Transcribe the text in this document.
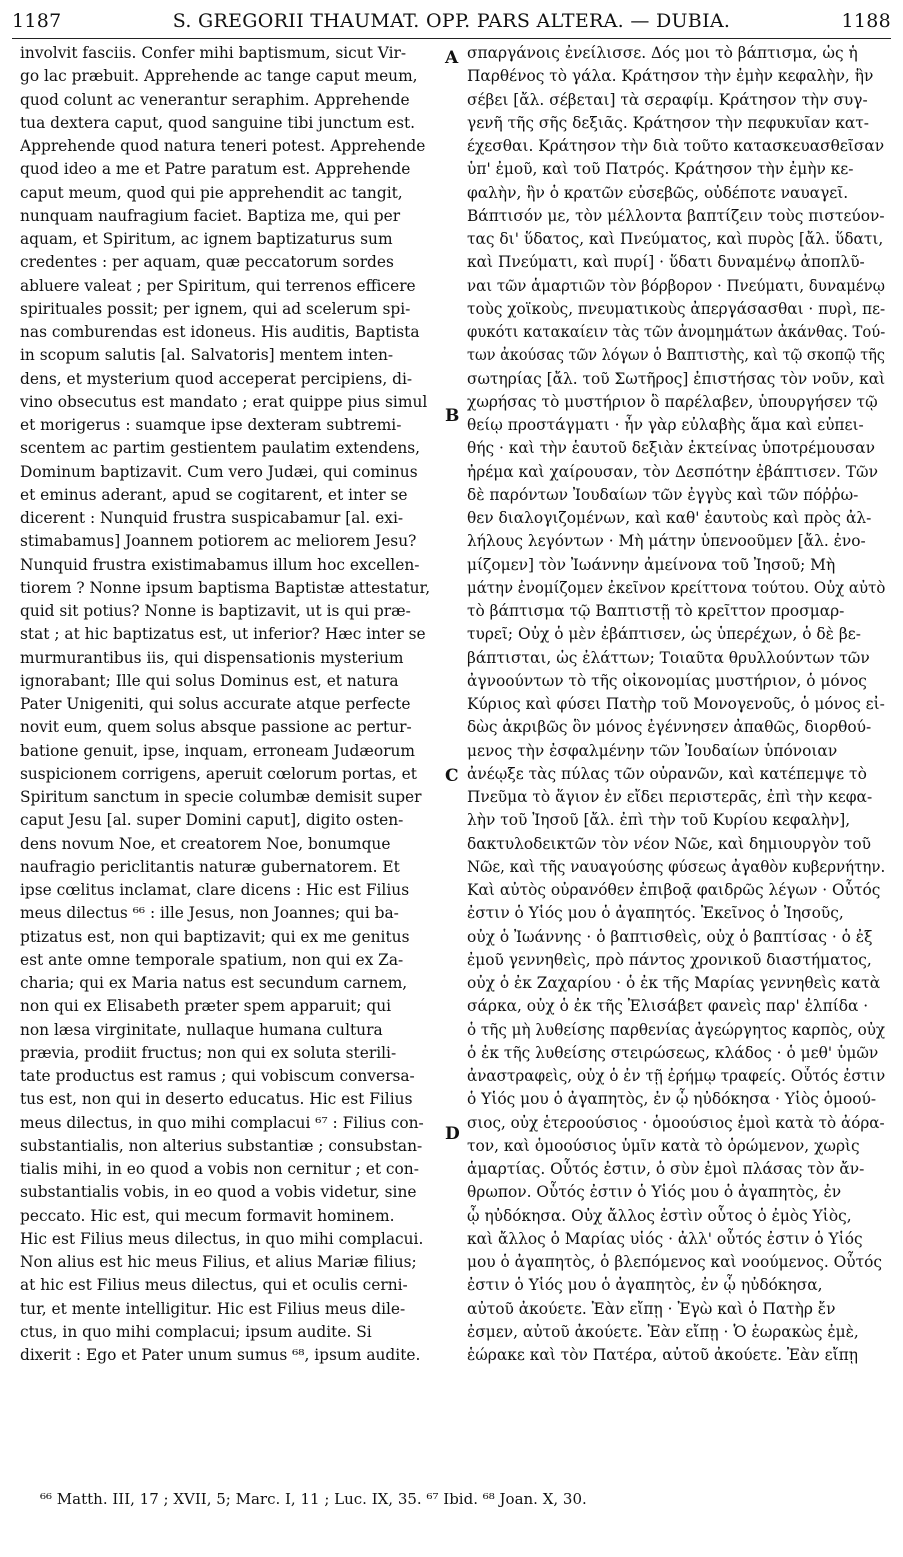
1187	S. GREGORII THAUMAT. OPP. PARS ALTERA. — DUBIA.	1188
involvit fasciis. Confer mihi baptismum, sicut Vir-
go lac præbuit. Apprehende ac tange caput meum,
quod colunt ac venerantur seraphim. Apprehende
tua dextera caput, quod sanguine tibi junctum est.
Apprehende quod natura teneri potest. Apprehende
quod ideo a me et Patre paratum est. Apprehende
caput meum, quod qui pie apprehendit ac tangit,
nunquam naufragium faciet. Baptiza me, qui per
aquam, et Spiritum, ac ignem baptizaturus sum
credentes : per aquam, quæ peccatorum sordes
abluere valeat ; per Spiritum, qui terrenos efficere
spirituales possit; per ignem, qui ad scelerum spi-
nas comburendas est idoneus. His auditis, Baptista
in scopum salutis [al. Salvatoris] mentem inten-
dens, et mysterium quod acceperat percipiens, di-
vino obsecutus est mandato ; erat quippe pius simul
et morigerus : suamque ipse dexteram subtremi-
scentem ac partim gestientem paulatim extendens,
Dominum baptizavit. Cum vero Judæi, qui cominus
et eminus aderant, apud se cogitarent, et inter se
dicerent : Nunquid frustra suspicabamur [al. exi-
stimabamus] Joannem potiorem ac meliorem Jesu?
Nunquid frustra existimabamus illum hoc excellen-
tiorem ? Nonne ipsum baptisma Baptistæ attestatur,
quid sit potius? Nonne is baptizavit, ut is qui præ-
stat ; at hic baptizatus est, ut inferior? Hæc inter se
murmurantibus iis, qui dispensationis mysterium
ignorabant; Ille qui solus Dominus est, et natura
Pater Unigeniti, qui solus accurate atque perfecte
novit eum, quem solus absque passione ac pertur-
batione genuit, ipse, inquam, erroneam Judæorum
suspicionem corrigens, aperuit cœlorum portas, et
Spiritum sanctum in specie columbæ demisit super
caput Jesu [al. super Domini caput], digito osten-
dens novum Noe, et creatorem Noe, bonumque
naufragio periclitantis naturæ gubernatorem. Et
ipse cœlitus inclamat, clare dicens : Hic est Filius
meus dilectus ⁶⁶ : ille Jesus, non Joannes; qui ba-
ptizatus est, non qui baptizavit; qui ex me genitus
est ante omne temporale spatium, non qui ex Za-
charia; qui ex Maria natus est secundum carnem,
non qui ex Elisabeth præter spem apparuit; qui
non læsa virginitate, nullaque humana cultura
prævia, prodiit fructus; non qui ex soluta sterili-
tate productus est ramus ; qui vobiscum conversa-
tus est, non qui in deserto educatus. Hic est Filius
meus dilectus, in quo mihi complacui ⁶⁷ : Filius con-
substantialis, non alterius substantiæ ; consubstan-
tialis mihi, in eo quod a vobis non cernitur ; et con-
substantialis vobis, in eo quod a vobis videtur, sine
peccato. Hic est, qui mecum formavit hominem.
Hic est Filius meus dilectus, in quo mihi complacui.
Non alius est hic meus Filius, et alius Mariæ filius;
at hic est Filius meus dilectus, qui et oculis cerni-
tur, et mente intelligitur. Hic est Filius meus dile-
ctus, in quo mihi complacui; ipsum audite. Si
dixerit : Ego et Pater unum sumus ⁶⁸, ipsum audite.
A
B
C
D
σπαργάνοις ἐνείλισσε. Δός μοι τὸ βάπτισμα, ὡς ἡ
Παρθένος τὸ γάλα. Κράτησον τὴν ἐμὴν κεφαλὴν, ἣν
σέβει [ἄλ. σέβεται] τὰ σεραφίμ. Κράτησον τὴν συγ-
γενῆ τῆς σῆς δεξιᾶς. Κράτησον τὴν πεφυκυῖαν κατ-
έχεσθαι. Κράτησον τὴν διὰ τοῦτο κατασκευασθεῖσαν
ὑπ' ἐμοῦ, καὶ τοῦ Πατρός. Κράτησον τὴν ἐμὴν κε-
φαλὴν, ἣν ὁ κρατῶν εὐσεβῶς, οὐδέποτε ναυαγεῖ.
Βάπτισόν με, τὸν μέλλοντα βαπτίζειν τοὺς πιστεύον-
τας δι' ὕδατος, καὶ Πνεύματος, καὶ πυρὸς [ἄλ. ὕδατι,
καὶ Πνεύματι, καὶ πυρί] · ὕδατι δυναμένῳ ἀποπλῦ-
ναι τῶν ἁμαρτιῶν τὸν βόρβορον · Πνεύματι, δυναμένῳ
τοὺς χοϊκοὺς, πνευματικοὺς ἀπεργάσασθαι · πυρὶ, πε-
φυκότι κατακαίειν τὰς τῶν ἀνομημάτων ἀκάνθας. Τού-
των ἀκούσας τῶν λόγων ὁ Βαπτιστὴς, καὶ τῷ σκοπῷ τῆς
σωτηρίας [ἄλ. τοῦ Σωτῆρος] ἐπιστήσας τὸν νοῦν, καὶ
χωρήσας τὸ μυστήριον ὃ παρέλαβεν, ὑπουργήσεν τῷ
θείῳ προστάγματι · ἦν γὰρ εὐλαβὴς ἅμα καὶ εὐπει-
θής · καὶ τὴν ἑαυτοῦ δεξιὰν ἐκτείνας ὑποτρέμουσαν
ἠρέμα καὶ χαίρουσαν, τὸν Δεσπότην ἐβάπτισεν. Τῶν
δὲ παρόντων Ἰουδαίων τῶν ἐγγὺς καὶ τῶν πόῤῥω-
θεν διαλογιζομένων, καὶ καθ' ἑαυτοὺς καὶ πρὸς ἀλ-
λήλους λεγόντων · Μὴ μάτην ὑπενοοῦμεν [ἄλ. ἐνο-
μίζομεν] τὸν Ἰωάννην ἀμείνονα τοῦ Ἰησοῦ; Μὴ
μάτην ἐνομίζομεν ἐκεῖνον κρείττονα τούτου. Οὐχ αὐτὸ
τὸ βάπτισμα τῷ Βαπτιστῇ τὸ κρεῖττον προσμαρ-
τυρεῖ; Οὐχ ὁ μὲν ἐβάπτισεν, ὡς ὑπερέχων, ὁ δὲ βε-
βάπτισται, ὡς ἐλάττων; Τοιαῦτα θρυλλούντων τῶν
ἀγνοούντων τὸ τῆς οἰκονομίας μυστήριον, ὁ μόνος
Κύριος καὶ φύσει Πατὴρ τοῦ Μονογενοῦς, ὁ μόνος εἰ-
δὼς ἀκριβῶς ὃν μόνος ἐγέννησεν ἀπαθῶς, διορθού-
μενος τὴν ἐσφαλμένην τῶν Ἰουδαίων ὑπόνοιαν
ἀνέῳξε τὰς πύλας τῶν οὐρανῶν, καὶ κατέπεμψε τὸ
Πνεῦμα τὸ ἅγιον ἐν εἴδει περιστερᾶς, ἐπὶ τὴν κεφα-
λὴν τοῦ Ἰησοῦ [ἄλ. ἐπὶ τὴν τοῦ Κυρίου κεφαλὴν],
δακτυλοδεικτῶν τὸν νέον Νῶε, καὶ δημιουργὸν τοῦ
Νῶε, καὶ τῆς ναυαγούσης φύσεως ἀγαθὸν κυβερνήτην.
Καὶ αὐτὸς οὐρανόθεν ἐπιβοᾷ φαιδρῶς λέγων · Οὗτός
ἐστιν ὁ Υἱός μου ὁ ἀγαπητός. Ἐκεῖνος ὁ Ἰησοῦς,
οὐχ ὁ Ἰωάννης · ὁ βαπτισθεὶς, οὐχ ὁ βαπτίσας · ὁ ἐξ
ἐμοῦ γεννηθεὶς, πρὸ πάντος χρονικοῦ διαστήματος,
οὐχ ὁ ἐκ Ζαχαρίου · ὁ ἐκ τῆς Μαρίας γεννηθεὶς κατὰ
σάρκα, οὐχ ὁ ἐκ τῆς Ἐλισάβετ φανεὶς παρ' ἐλπίδα ·
ὁ τῆς μὴ λυθείσης παρθενίας ἀγεώργητος καρπὸς, οὐχ
ὁ ἐκ τῆς λυθείσης στειρώσεως, κλάδος · ὁ μεθ' ὑμῶν
ἀναστραφεὶς, οὐχ ὁ ἐν τῇ ἐρήμῳ τραφείς. Οὗτός ἐστιν
ὁ Υἱός μου ὁ ἀγαπητὸς, ἐν ᾧ ηὐδόκησα · Υἱὸς ὁμοού-
σιος, οὐχ ἑτεροούσιος · ὁμοούσιος ἐμοὶ κατὰ τὸ ἀόρα-
τον, καὶ ὁμοούσιος ὑμῖν κατὰ τὸ ὁρώμενον, χωρὶς
ἁμαρτίας. Οὗτός ἐστιν, ὁ σὺν ἐμοὶ πλάσας τὸν ἄν-
θρωπον. Οὗτός ἐστιν ὁ Υἱός μου ὁ ἀγαπητὸς, ἐν
ᾧ ηὐδόκησα. Οὐχ ἄλλος ἐστὶν οὗτος ὁ ἐμὸς Υἱὸς,
καὶ ἄλλος ὁ Μαρίας υἱός · ἀλλ' οὗτός ἐστιν ὁ Υἱός
μου ὁ ἀγαπητὸς, ὁ βλεπόμενος καὶ νοούμενος. Οὗτός
ἐστιν ὁ Υἱός μου ὁ ἀγαπητὸς, ἐν ᾧ ηὐδόκησα,
αὐτοῦ ἀκούετε. Ἐὰν εἴπῃ · Ἐγὼ καὶ ὁ Πατὴρ ἔν
ἐσμεν, αὐτοῦ ἀκούετε. Ἐὰν εἴπῃ · Ὁ ἑωρακὼς ἐμὲ,
ἑώρακε καὶ τὸν Πατέρα, αὐτοῦ ἀκούετε. Ἐὰν εἴπῃ
⁶⁶ Matth. III, 17 ; XVII, 5; Marc. I, 11 ; Luc. IX, 35. ⁶⁷ Ibid. ⁶⁸ Joan. X, 30.
